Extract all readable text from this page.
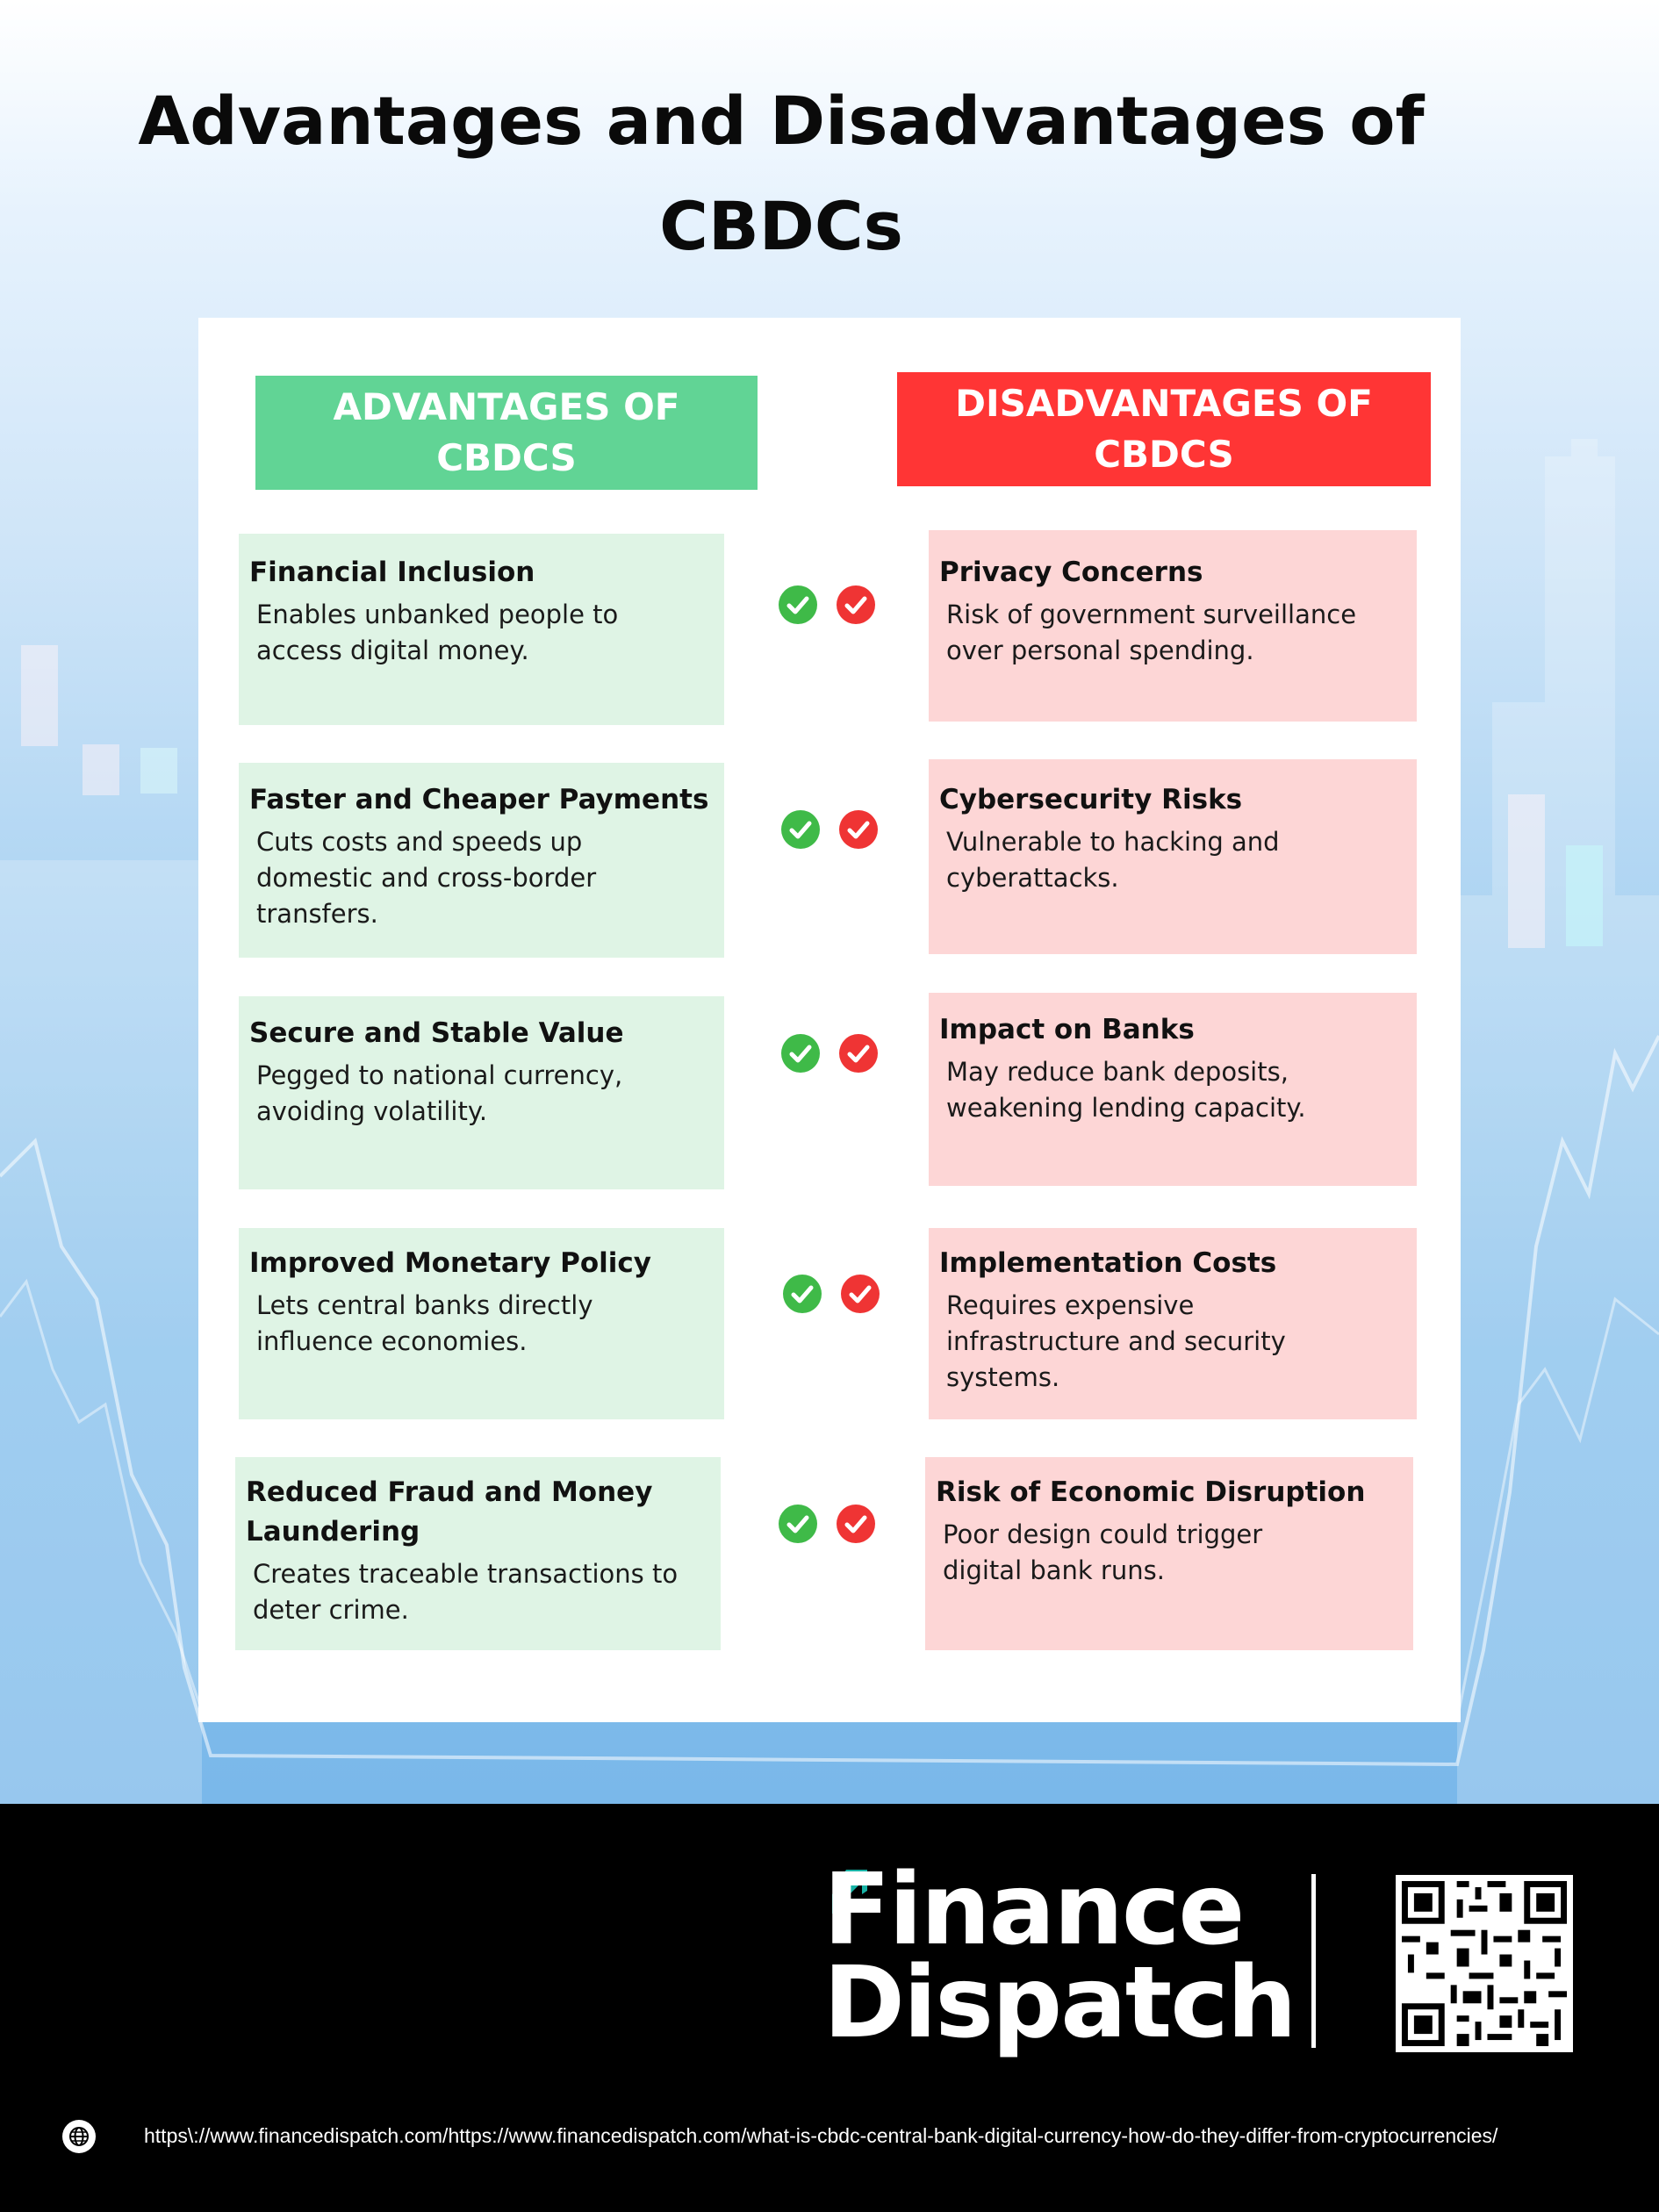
Advantages and Disadvantages of CBDCs
ADVANTAGES OF CBDCS
DISADVANTAGES OF CBDCS
Financial Inclusion
Enables unbanked people to access digital money.
Privacy Concerns
Risk of government surveillance over personal spending.
Faster and Cheaper Payments
Cuts costs and speeds up domestic and cross-border transfers.
Cybersecurity Risks
Vulnerable to hacking and cyberattacks.
Secure and Stable Value
Pegged to national currency, avoiding volatility.
Impact on Banks
May reduce bank deposits, weakening lending capacity.
Improved Monetary Policy
Lets central banks directly influence economies.
Implementation Costs
Requires expensive infrastructure and security systems.
Reduced Fraud and Money Laundering
Creates traceable transactions to deter crime.
Risk of Economic Disruption
Poor design could trigger digital bank runs.
Finance
Dispatch
https\://www.financedispatch.com/https://www.financedispatch.com/what-is-cbdc-central-bank-digital-currency-how-do-they-differ-from-cryptocurrencies/
